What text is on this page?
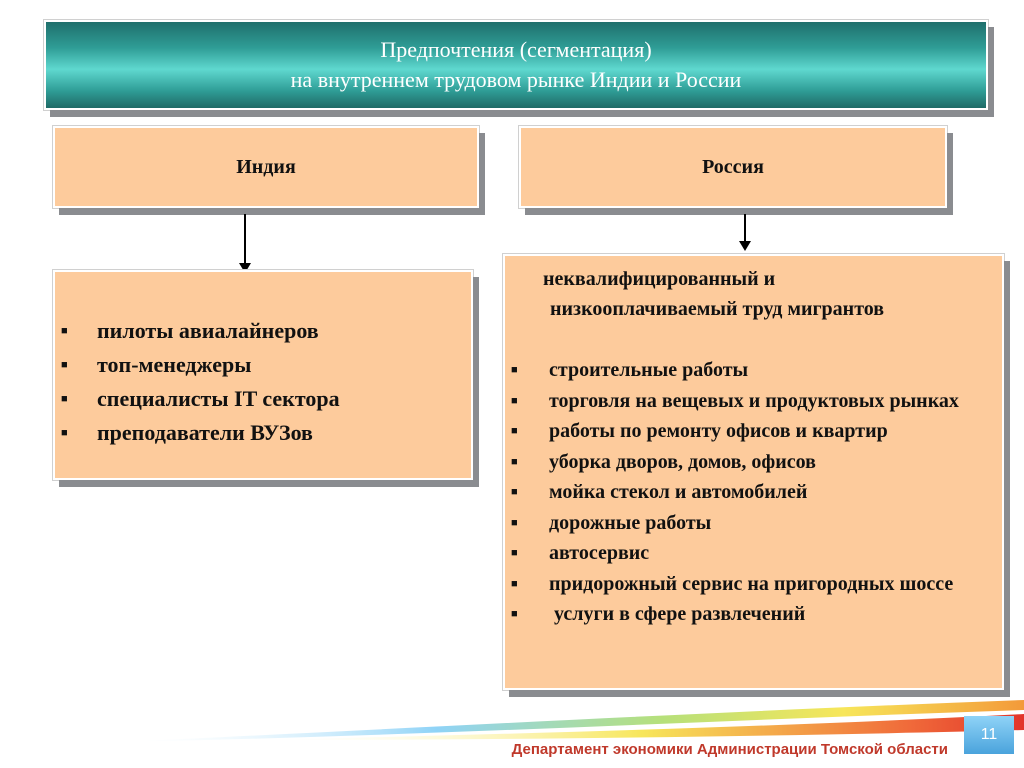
Предпочтения (сегментация)
на внутреннем трудовом рынке Индии и России
Индия	Россия
■ пилоты авиалайнеров
■ топ-менеджеры
■ специалисты IT сектора
■ преподаватели ВУЗов
неквалифицированный и
низкооплачиваемый труд мигрантов
■ строительные работы
■ торговля на вещевых и продуктовых рынках
■ работы по ремонту офисов и квартир
■ уборка дворов, домов, офисов
■ мойка стекол и автомобилей
■ дорожные работы
■ автосервис
■ придорожный сервис на пригородных шоссе
■ услуги в сфере развлечений
Департамент экономики Администрации Томской области
11
